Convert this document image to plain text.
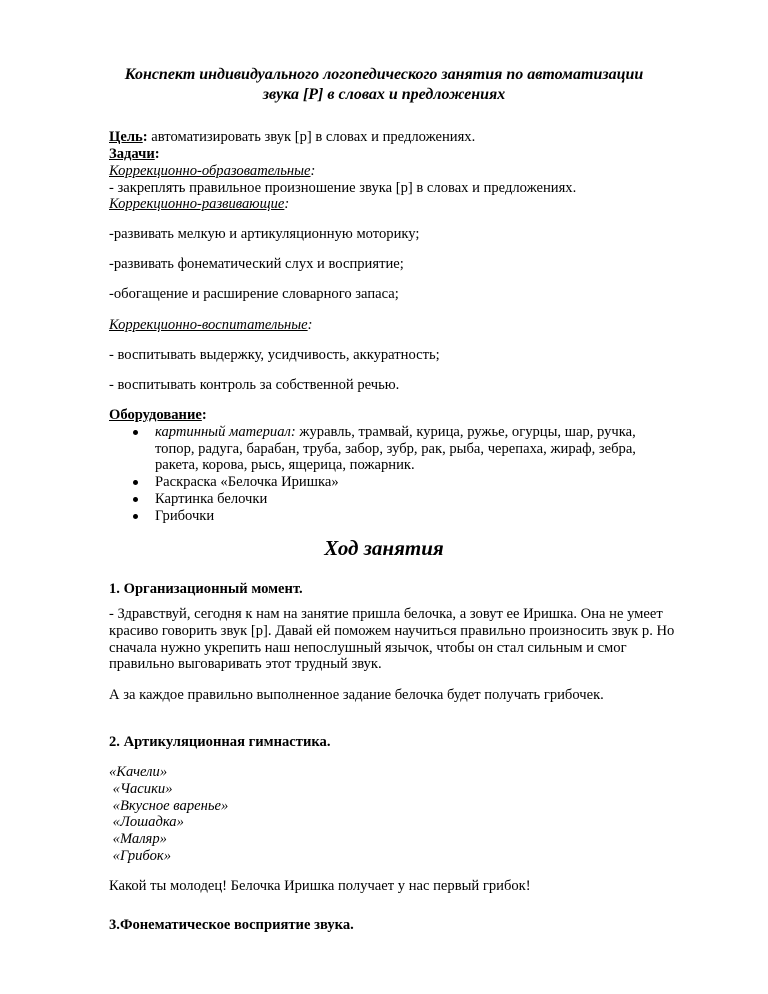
Конспект индивидуального логопедического занятия по автоматизации
звука [Р] в словах и предложениях
Цель: автоматизировать звук [р] в словах и предложениях.
Задачи:
Коррекционно-образовательные:
- закреплять правильное произношение звука [р] в словах и предложениях.
Коррекционно-развивающие:
-развивать мелкую и артикуляционную моторику;
-развивать фонематический слух и восприятие;
-обогащение и расширение словарного запаса;
Коррекционно-воспитательные:
- воспитывать выдержку, усидчивость, аккуратность;
- воспитывать контроль за собственной речью.
Оборудование:
картинный материал: журавль, трамвай, курица, ружье, огурцы, шар, ручка,
топор, радуга, барабан, труба, забор, зубр, рак, рыба, черепаха, жираф, зебра,
ракета, корова, рысь, ящерица, пожарник.
Раскраска «Белочка Иришка»
Картинка белочки
Грибочки
Ход занятия
1. Организационный момент.
- Здравствуй, сегодня к нам на занятие пришла белочка, а зовут ее Иришка. Она не умеет
красиво говорить звук [р]. Давай ей поможем научиться правильно произносить звук р. Но
сначала нужно укрепить наш непослушный язычок, чтобы он стал сильным и смог
правильно выговаривать этот трудный звук.
А за каждое правильно выполненное задание белочка будет получать грибочек.
2. Артикуляционная гимнастика.
«Качели»
«Часики»
«Вкусное варенье»
«Лошадка»
«Маляр»
«Грибок»
Какой ты молодец! Белочка Иришка получает у нас первый грибок!
3.Фонематическое восприятие звука.
